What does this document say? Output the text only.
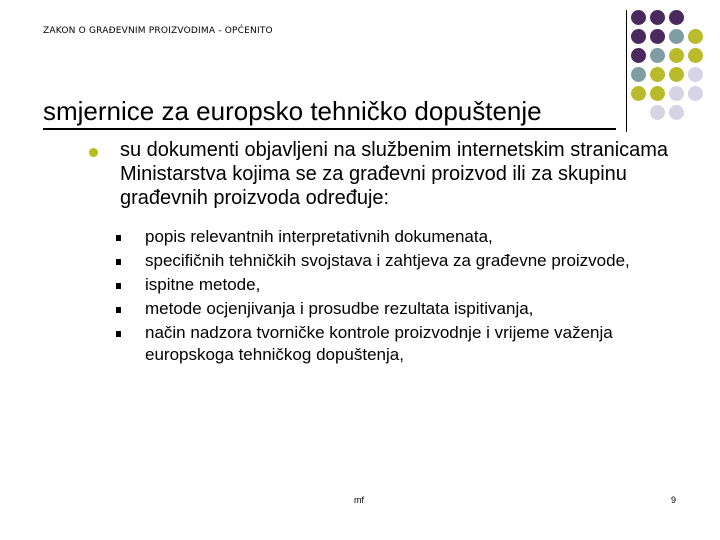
ZAKON O GRAĐEVNIM PROIZVODIMA - OPĆENITO
smjernice za europsko tehničko dopuštenje
su dokumenti objavljeni na službenim internetskim stranicama Ministarstva kojima se za građevni proizvod ili za skupinu građevnih proizvoda određuje:
popis relevantnih interpretativnih dokumenata,
specifičnih tehničkih svojstava i zahtjeva za građevne proizvode,
ispitne metode,
metode ocjenjivanja i prosudbe rezultata ispitivanja,
način nadzora tvorničke kontrole proizvodnje i vrijeme važenja europskoga tehničkog dopuštenja,
mf	9
